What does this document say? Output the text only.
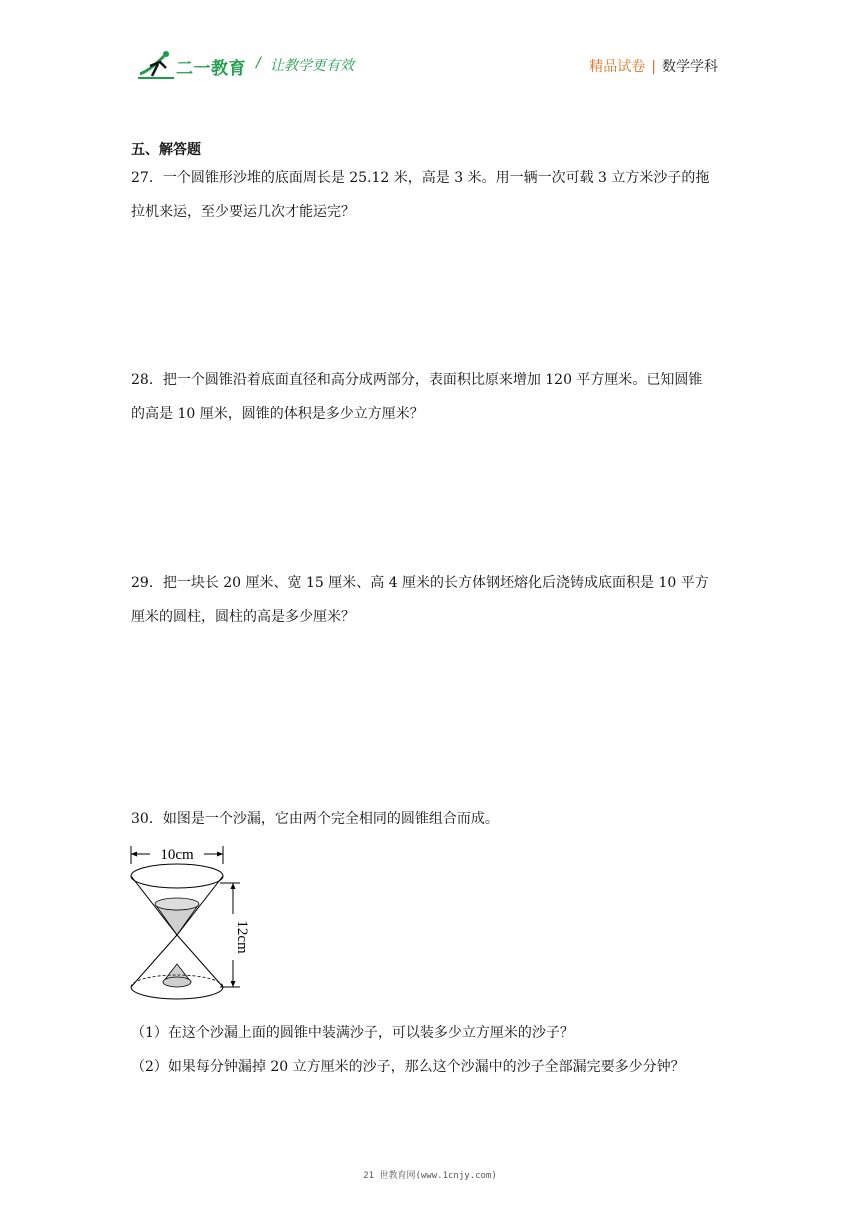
二一教育 / 让教学更有效	精品试卷 | 数学学科

五、解答题

27．一个圆锥形沙堆的底面周长是 25.12 米，高是 3 米。用一辆一次可载 3 立方米沙子的拖

拉机来运，至少要运几次才能运完？

28．把一个圆锥沿着底面直径和高分成两部分，表面积比原来增加 120 平方厘米。已知圆锥

的高是 10 厘米，圆锥的体积是多少立方厘米？

29．把一块长 20 厘米、宽 15 厘米、高 4 厘米的长方体钢坯熔化后浇铸成底面积是 10 平方

厘米的圆柱，圆柱的高是多少厘米？

30．如图是一个沙漏，它由两个完全相同的圆锥组合而成。

10cm
12cm
（1）在这个沙漏上面的圆锥中装满沙子，可以装多少立方厘米的沙子？
（2）如果每分钟漏掉 20 立方厘米的沙子，那么这个沙漏中的沙子全部漏完要多少分钟？
21 世教育网(www.1cnjy.com)
